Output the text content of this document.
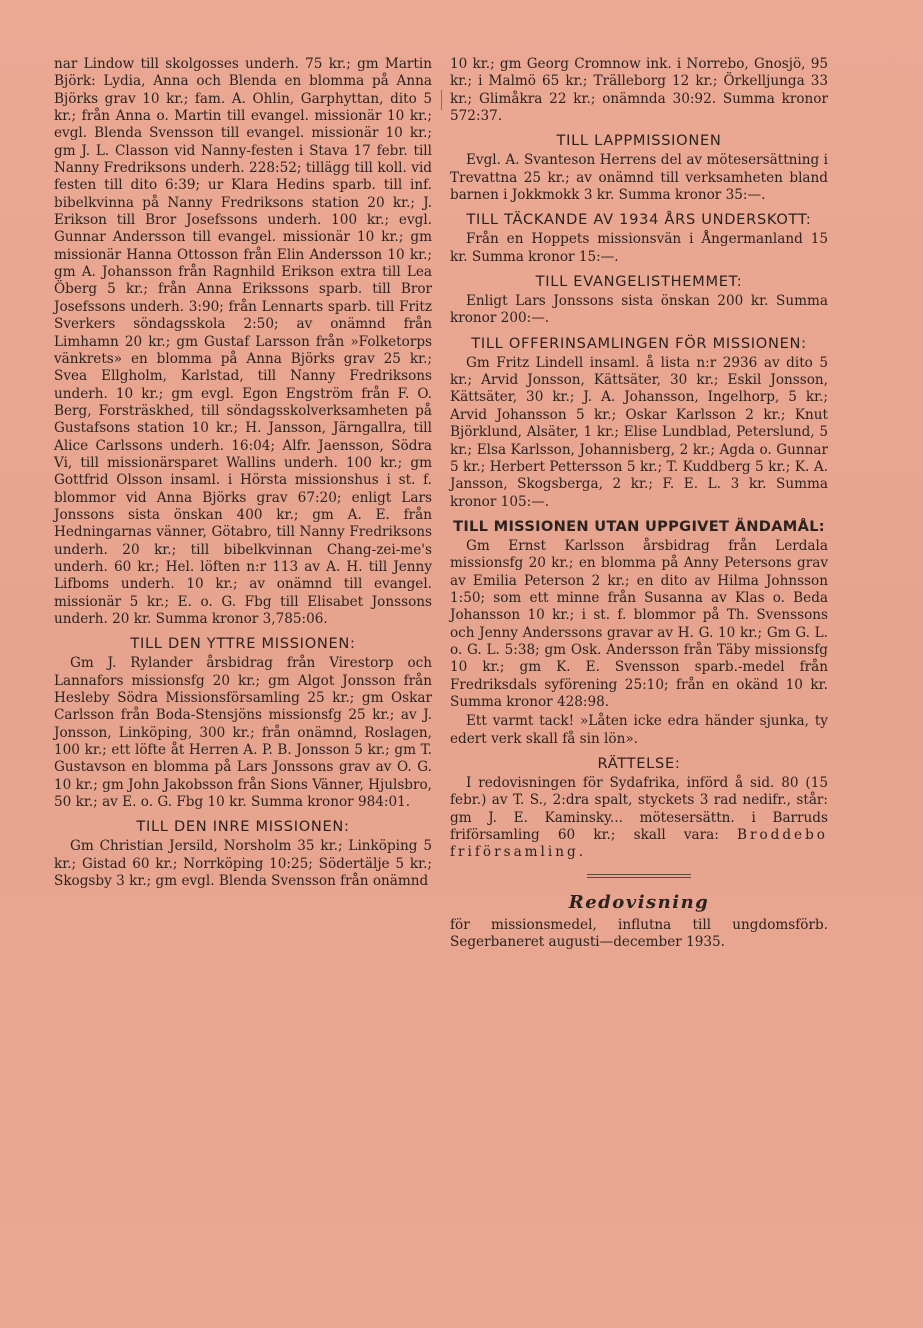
nar Lindow till skolgosses underh. 75 kr.; gm Martin Björk: Lydia, Anna och Blenda en blomma på Anna Björks grav 10 kr.; fam. A. Ohlin, Garphyttan, dito 5 kr.; från Anna o. Martin till evangel. missionär 10 kr.; evgl. Blenda Svensson till evangel. missionär 10 kr.; gm J. L. Classon vid Nanny-festen i Stava 17 febr. till Nanny Fredriksons underh. 228:52; tillägg till koll. vid festen till dito 6:39; ur Klara Hedins sparb. till inf. bibelkvinna på Nanny Fredriksons station 20 kr.; J. Erikson till Bror Josefssons underh. 100 kr.; evgl. Gunnar Andersson till evangel. missionär 10 kr.; gm missionär Hanna Ottosson från Elin Andersson 10 kr.; gm A. Johansson från Ragnhild Erikson extra till Lea Öberg 5 kr.; från Anna Erikssons sparb. till Bror Josefssons underh. 3:90; från Lennarts sparb. till Fritz Sverkers söndagsskola 2:50; av onämnd från Limhamn 20 kr.; gm Gustaf Larsson från »Folketorps vänkrets» en blomma på Anna Björks grav 25 kr.; Svea Ellgholm, Karlstad, till Nanny Fredriksons underh. 10 kr.; gm evgl. Egon Engström från F. O. Berg, Forsträskhed, till söndagsskolverksamheten på Gustafsons station 10 kr.; H. Jansson, Järngallra, till Alice Carlssons underh. 16:04; Alfr. Jaensson, Södra Vi, till missionärsparet Wallins underh. 100 kr.; gm Gottfrid Olsson insaml. i Hörsta missionshus i st. f. blommor vid Anna Björks grav 67:20; enligt Lars Jonssons sista önskan 400 kr.; gm A. E. från Hedningarnas vänner, Götabro, till Nanny Fredriksons underh. 20 kr.; till bibelkvinnan Chang-zei-me's underh. 60 kr.; Hel. löften n:r 113 av A. H. till Jenny Lifboms underh. 10 kr.; av onämnd till evangel. missionär 5 kr.; E. o. G. Fbg till Elisabet Jonssons underh. 20 kr. Summa kronor 3,785:06.

TILL DEN YTTRE MISSIONEN:

Gm J. Rylander årsbidrag från Virestorp och Lannafors missionsfg 20 kr.; gm Algot Jonsson från Hesleby Södra Missionsförsamling 25 kr.; gm Oskar Carlsson från Boda-Stensjöns missionsfg 25 kr.; av J. Jonsson, Linköping, 300 kr.; från onämnd, Roslagen, 100 kr.; ett löfte åt Herren A. P. B. Jonsson 5 kr.; gm T. Gustavson en blomma på Lars Jonssons grav av O. G. 10 kr.; gm John Jakobsson från Sions Vänner, Hjulsbro, 50 kr.; av E. o. G. Fbg 10 kr. Summa kronor 984:01.

TILL DEN INRE MISSIONEN:

Gm Christian Jersild, Norsholm 35 kr.; Linköping 5 kr.; Gistad 60 kr.; Norrköping 10:25; Södertälje 5 kr.; Skogsby 3 kr.; gm evgl. Blenda Svensson från onämnd

10 kr.; gm Georg Cromnow ink. i Norrebo, Gnosjö, 95 kr.; i Malmö 65 kr.; Trälleborg 12 kr.; Örkelljunga 33 kr.; Glimåkra 22 kr.; onämnda 30:92. Summa kronor 572:37.

TILL LAPPMISSIONEN

Evgl. A. Svanteson Herrens del av mötesersättning i Trevattna 25 kr.; av onämnd till verksamheten bland barnen i Jokkmokk 3 kr. Summa kronor 35:—.

TILL TÄCKANDE AV 1934 ÅRS UNDERSKOTT:

Från en Hoppets missionsvän i Ångermanland 15 kr. Summa kronor 15:—.

TILL EVANGELISTHEMMET:

Enligt Lars Jonssons sista önskan 200 kr. Summa kronor 200:—.

TILL OFFERINSAMLINGEN FÖR MISSIONEN:

Gm Fritz Lindell insaml. å lista n:r 2936 av dito 5 kr.; Arvid Jonsson, Kättsäter, 30 kr.; Eskil Jonsson, Kättsäter, 30 kr.; J. A. Johansson, Ingelhorp, 5 kr.; Arvid Johansson 5 kr.; Oskar Karlsson 2 kr.; Knut Björklund, Alsäter, 1 kr.; Elise Lundblad, Peterslund, 5 kr.; Elsa Karlsson, Johannisberg, 2 kr.; Agda o. Gunnar 5 kr.; Herbert Pettersson 5 kr.; T. Kuddberg 5 kr.; K. A. Jansson, Skogsberga, 2 kr.; F. E. L. 3 kr. Summa kronor 105:—.

TILL MISSIONEN UTAN UPPGIVET ÄNDAMÅL:

Gm Ernst Karlsson årsbidrag från Lerdala missionsfg 20 kr.; en blomma på Anny Petersons grav av Emilia Peterson 2 kr.; en dito av Hilma Johnsson 1:50; som ett minne från Susanna av Klas o. Beda Johansson 10 kr.; i st. f. blommor på Th. Svenssons och Jenny Anderssons gravar av H. G. 10 kr.; Gm G. L. o. G. L. 5:38; gm Osk. Andersson från Täby missionsfg 10 kr.; gm K. E. Svensson sparb.-medel från Fredriksdals syförening 25:10; från en okänd 10 kr. Summa kronor 428:98.

Ett varmt tack! »Låten icke edra händer sjunka, ty edert verk skall få sin lön».

RÄTTELSE:

I redovisningen för Sydafrika, införd å sid. 80 (15 febr.) av T. S., 2:dra spalt, styckets 3 rad nedifr., står: gm J. E. Kaminsky... mötesersättn. i Barruds friförsamling 60 kr.; skall vara: Broddebo friförsamling.

Redovisning

för missionsmedel, influtna till ungdomsförb. Segerbaneret augusti—december 1935.
